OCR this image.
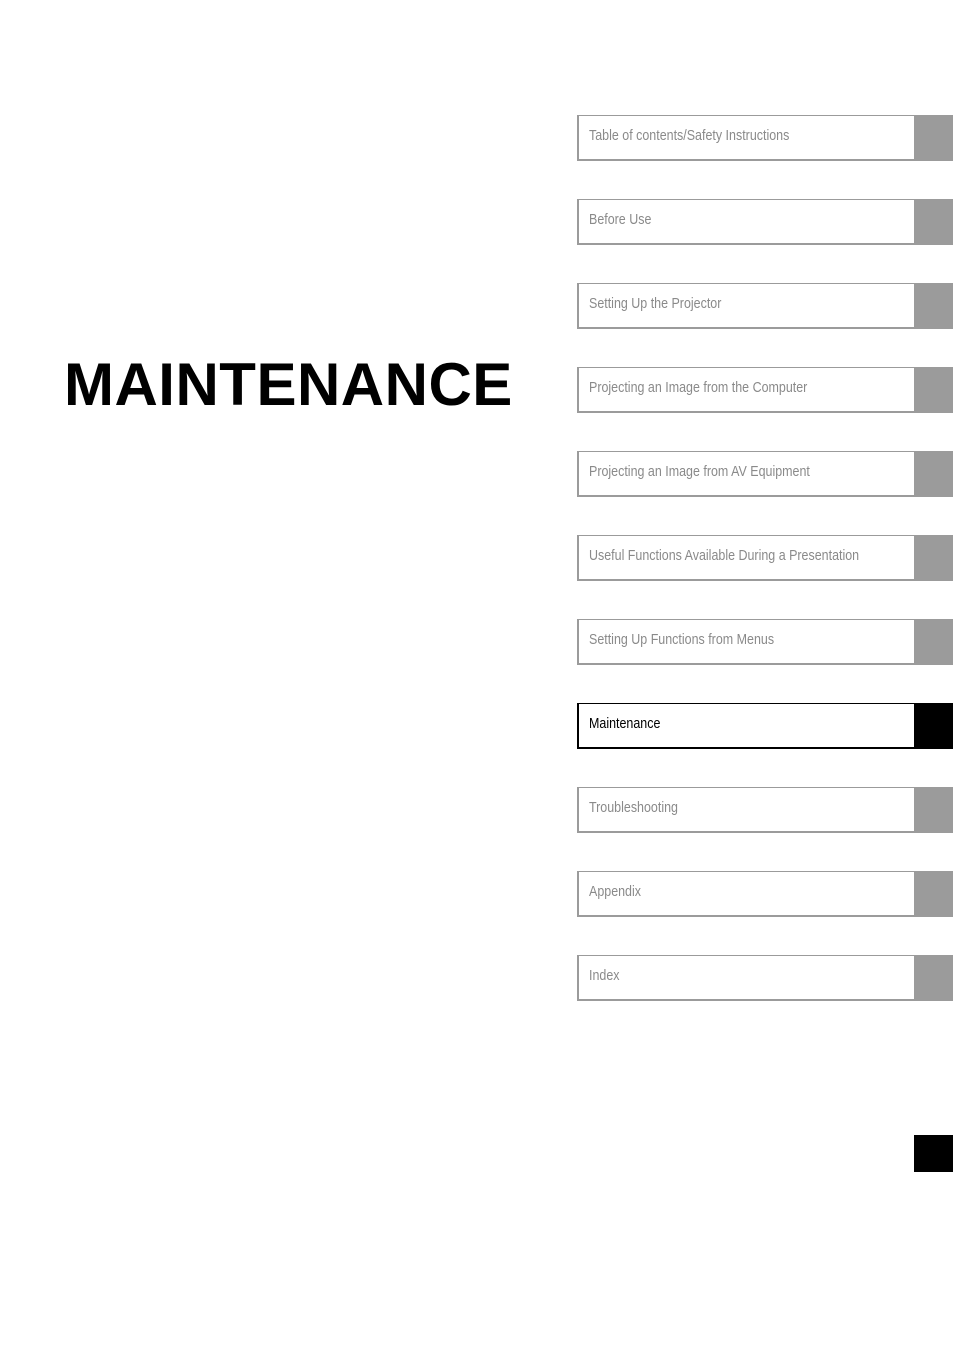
MAINTENANCE
Table of contents/Safety Instructions
Before Use
Setting Up the Projector
Projecting an Image from the Computer
Projecting an Image from AV Equipment
Useful Functions Available During a Presentation
Setting Up Functions from Menus
Maintenance
Troubleshooting
Appendix
Index
